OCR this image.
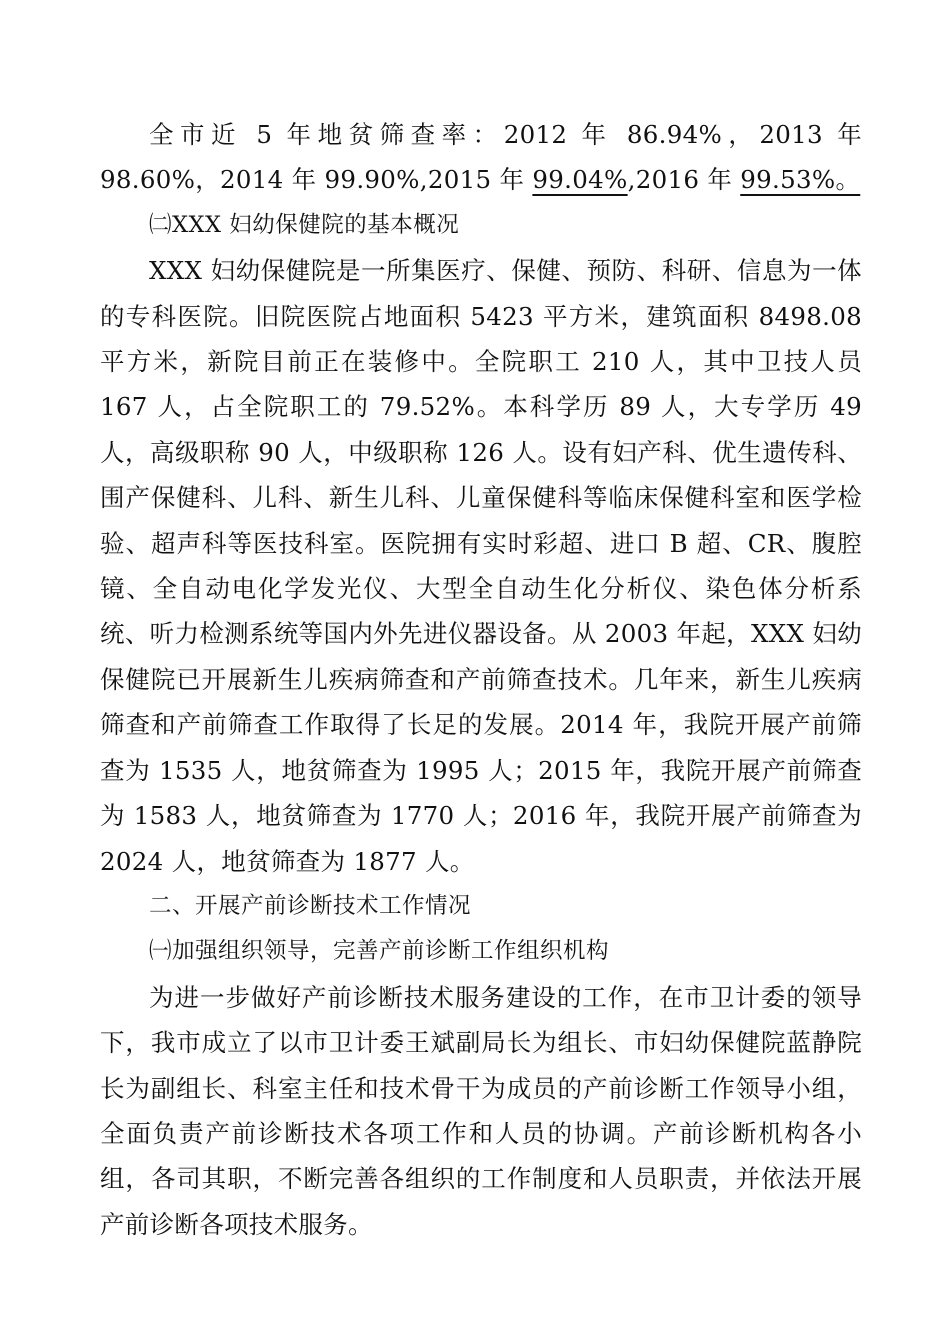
全市近 5 年地贫筛查率：2012 年 86.94%，2013 年 98.60%，2014 年 99.90%,2015 年 99.04%,2016 年 99.53%。

㈡XXX 妇幼保健院的基本概况

XXX 妇幼保健院是一所集医疗、保健、预防、科研、信息为一体的专科医院。旧院医院占地面积 5423 平方米，建筑面积 8498.08 平方米，新院目前正在装修中。全院职工 210 人，其中卫技人员 167 人，占全院职工的 79.52%。本科学历 89 人，大专学历 49 人，高级职称 90 人，中级职称 126 人。设有妇产科、优生遗传科、围产保健科、儿科、新生儿科、儿童保健科等临床保健科室和医学检验、超声科等医技科室。医院拥有实时彩超、进口 B 超、CR、腹腔镜、全自动电化学发光仪、大型全自动生化分析仪、染色体分析系统、听力检测系统等国内外先进仪器设备。从 2003 年起，XXX 妇幼保健院已开展新生儿疾病筛查和产前筛查技术。几年来，新生儿疾病筛查和产前筛查工作取得了长足的发展。2014 年，我院开展产前筛查为 1535 人，地贫筛查为 1995 人；2015 年，我院开展产前筛查为 1583 人，地贫筛查为 1770 人；2016 年，我院开展产前筛查为 2024 人，地贫筛查为 1877 人。

二、开展产前诊断技术工作情况

㈠加强组织领导，完善产前诊断工作组织机构

为进一步做好产前诊断技术服务建设的工作，在市卫计委的领导下，我市成立了以市卫计委王斌副局长为组长、市妇幼保健院蓝静院长为副组长、科室主任和技术骨干为成员的产前诊断工作领导小组，全面负责产前诊断技术各项工作和人员的协调。产前诊断机构各小组，各司其职，不断完善各组织的工作制度和人员职责，并依法开展产前诊断各项技术服务。
